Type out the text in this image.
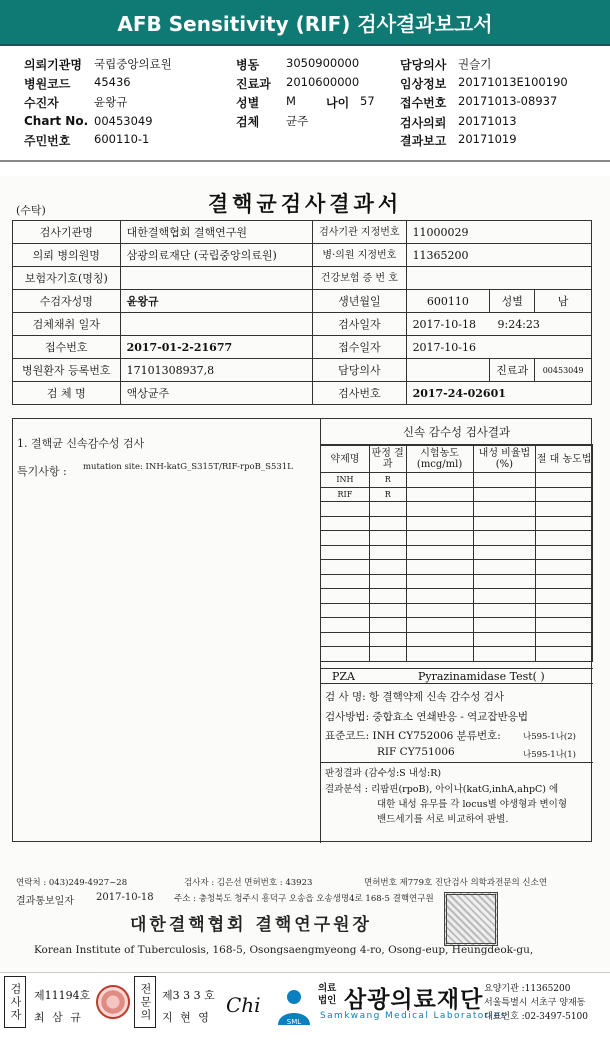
AFB Sensitivity (RIF) 검사결과보고서
의뢰기관명 국립중앙의료원
병원코드 45436
수진자	윤왕규
Chart No. 00453049
주민번호 600110-1
병동 3050900000
진료과 2010600000
성별 M	나이 57
검체 균주
담당의사 권슬기
임상정보 20171013E100190
접수번호 20171013-08937
검사의뢰 20171013
결과보고 20171019
(수탁)	결핵균검사결과서
검사기관명	대한결핵협회 결핵연구원	검사기관 지정번호	11000029		
의뢰 병의원명	삼광의료재단 (국립중앙의료원)	병·의원 지정번호	11365200		
보험자기호(명칭)		건강보험 증 번 호			
수검자성명	윤왕규	생년월일	600110	성별	남
검체채취 일자		검사일자	2017-10-18 9:24:23		
접수번호	2017-01-2-21677	접수일자	2017-10-16		
병원환자 등록번호	17101308937,8	담당의사		진료과	00453049
검 체 명	액상균주	검사번호	2017-24-02601		
1. 결핵균 신속감수성 검사
특기사항 : mutation site: INH-katG_S315T/RIF-rpoB_S531L
신속 감수성 검사결과
약제명	판정 결과	시험농도 (mcg/ml)	내성 비율법(%)	절 대 농도법
INH	R			
RIF	R			

PZA	Pyrazinamidase Test( )
검 사 명: 항 결핵약제 신속 감수성 검사
검사방법: 중합효소 연쇄반응 - 역교잡반응법
표준코드: INH CY752006 분류번호:
RIF CY751006
나595-1나(2)
나595-1나(1)
판정결과 (감수성:S 내성:R)
결과분석 : 리팜핀(rpoB), 아이나(katG,inhA,ahpC) 에
대한 내성 유무를 각 locus별 야생형과 변이형
밴드세기를 서로 비교하여 판별.
연락처 : 043)249-4927~28	검사자 : 김은선 면허번호 : 43923	면허번호 제779호 진단검사 의학과전문의 신소연
결과통보일자 2017-10-18 주소 : 충청북도 청주시 흥덕구 오송읍 오송생명4로 168-5 결핵연구원
대한결핵협회 결핵연구원장
Korean Institute of Tuberculosis, 168-5, Osongsaengmyeong 4-ro, Osong-eup, Heungdeok-gu,
검사자 제11194호
최 삼 규	전문의 제3 3 3 호
지 현 영
Chi
SML
의료 법인 삼광의료재단
Samkwang Medical Laboratories
요양기관 :11365200
서울특별시 서초구 양재동
대표번호 :02-3497-5100
